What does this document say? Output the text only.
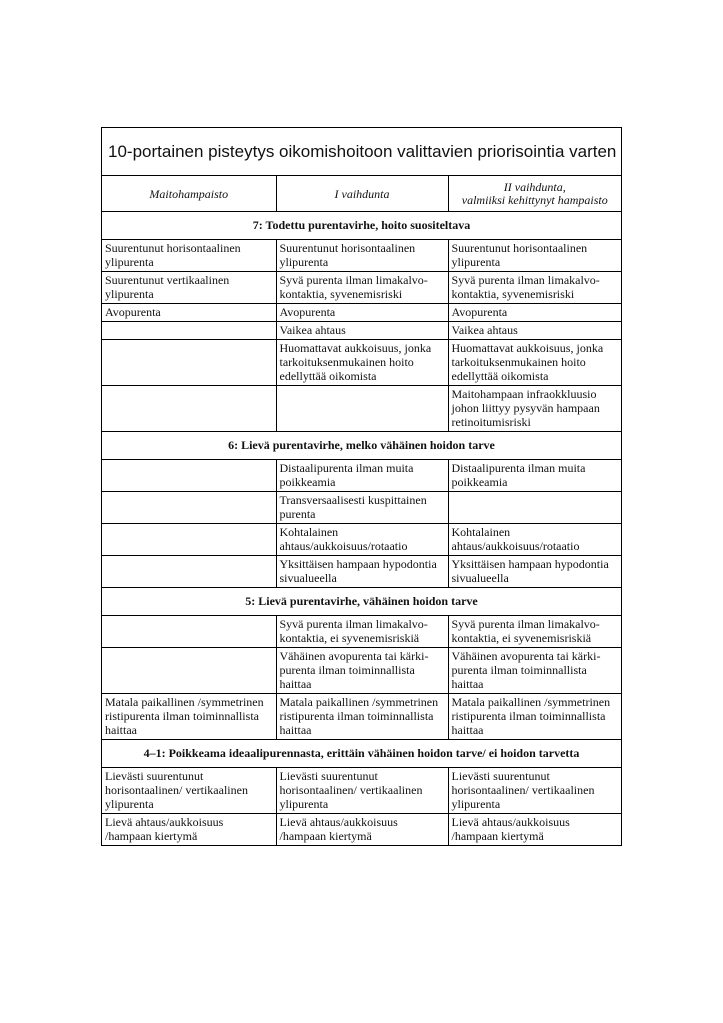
10-portainen pisteytys oikomishoitoon valittavien priorisointia varten
Maitohampaisto	I vaihdunta	II vaihdunta,
valmiiksi kehittynyt hampaisto
7: Todettu purentavirhe, hoito suositeltava		
Suurentunut horisontaalinen ylipurenta	Suurentunut horisontaalinen ylipurenta	Suurentunut horisontaalinen ylipurenta
Suurentunut vertikaalinen ylipurenta	Syvä purenta ilman limakalvo-kontaktia, syvenemisriski	Syvä purenta ilman limakalvo-kontaktia, syvenemisriski
Avopurenta	Avopurenta	Avopurenta
	Vaikea ahtaus	Vaikea ahtaus
	Huomattavat aukkoisuus, jonka tarkoituksenmukainen hoito edellyttää oikomista	Huomattavat aukkoisuus, jonka tarkoituksenmukainen hoito edellyttää oikomista
		Maitohampaan infraokkluusio johon liittyy pysyvän hampaan retinoitumisriski
6: Lievä purentavirhe, melko vähäinen hoidon tarve		
	Distaalipurenta ilman muita poikkeamia	Distaalipurenta ilman muita poikkeamia
	Transversaalisesti kuspittainen purenta	
	Kohtalainen ahtaus/aukkoisuus/rotaatio	Kohtalainen ahtaus/aukkoisuus/rotaatio
	Yksittäisen hampaan hypodontia sivualueella	Yksittäisen hampaan hypodontia sivualueella
5: Lievä purentavirhe, vähäinen hoidon tarve		
	Syvä purenta ilman limakalvo-kontaktia, ei syvenemisriskiä	Syvä purenta ilman limakalvo-kontaktia, ei syvenemisriskiä
	Vähäinen avopurenta tai kärki-purenta ilman toiminnallista haittaa	Vähäinen avopurenta tai kärki-purenta ilman toiminnallista haittaa
Matala paikallinen /symmetrinen ristipurenta ilman toiminnallista haittaa	Matala paikallinen /symmetrinen ristipurenta ilman toiminnallista haittaa	Matala paikallinen /symmetrinen ristipurenta ilman toiminnallista haittaa
4–1: Poikkeama ideaalipurennasta, erittäin vähäinen hoidon tarve/ ei hoidon tarvetta		
Lievästi suurentunut horisontaalinen/ vertikaalinen ylipurenta	Lievästi suurentunut horisontaalinen/ vertikaalinen ylipurenta	Lievästi suurentunut horisontaalinen/ vertikaalinen ylipurenta
Lievä ahtaus/aukkoisuus /hampaan kiertymä	Lievä ahtaus/aukkoisuus /hampaan kiertymä	Lievä ahtaus/aukkoisuus /hampaan kiertymä
